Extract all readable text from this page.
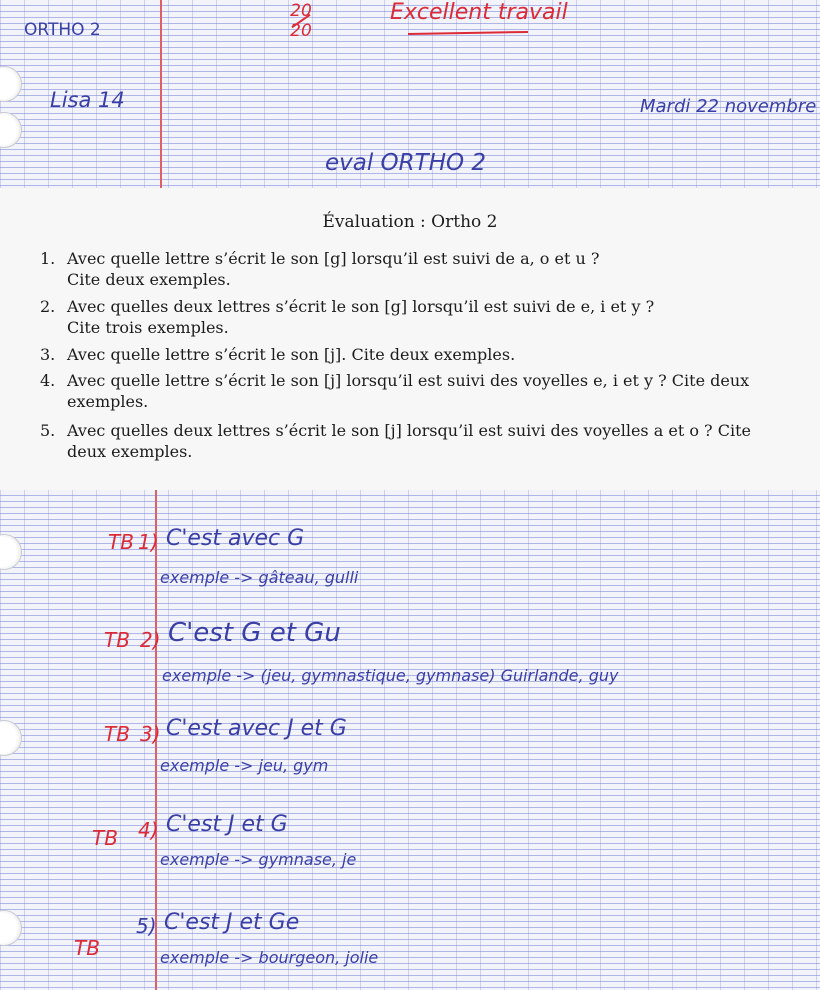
ORTHO 2
20
20
Excellent travail
Lisa 14	Mardi 22 novembre
eval ORTHO 2
Évaluation : Ortho 2
1. Avec quelle lettre s’écrit le son [g] lorsqu’il est suivi de a, o et u ?
Cite deux exemples.
2. Avec quelles deux lettres s’écrit le son [g] lorsqu’il est suivi de e, i et y ?
Cite trois exemples.
3. Avec quelle lettre s’écrit le son [j]. Cite deux exemples.
4. Avec quelle lettre s’écrit le son [j] lorsqu’il est suivi des voyelles e, i et y ? Cite deux
exemples.
5. Avec quelles deux lettres s’écrit le son [j] lorsqu’il est suivi des voyelles a et o ? Cite
deux exemples.
TB 1) C'est avec G
exemple -> gâteau, gulli
TB 2) C'est G et Gu
exemple -> (jeu, gymnastique, gymnase) Guirlande, guy
TB 3) C'est avec J et G
exemple -> jeu, gym
TB 4) C'est J et G
exemple -> gymnase, je
TB
5) C'est J et Ge
exemple -> bourgeon, jolie
